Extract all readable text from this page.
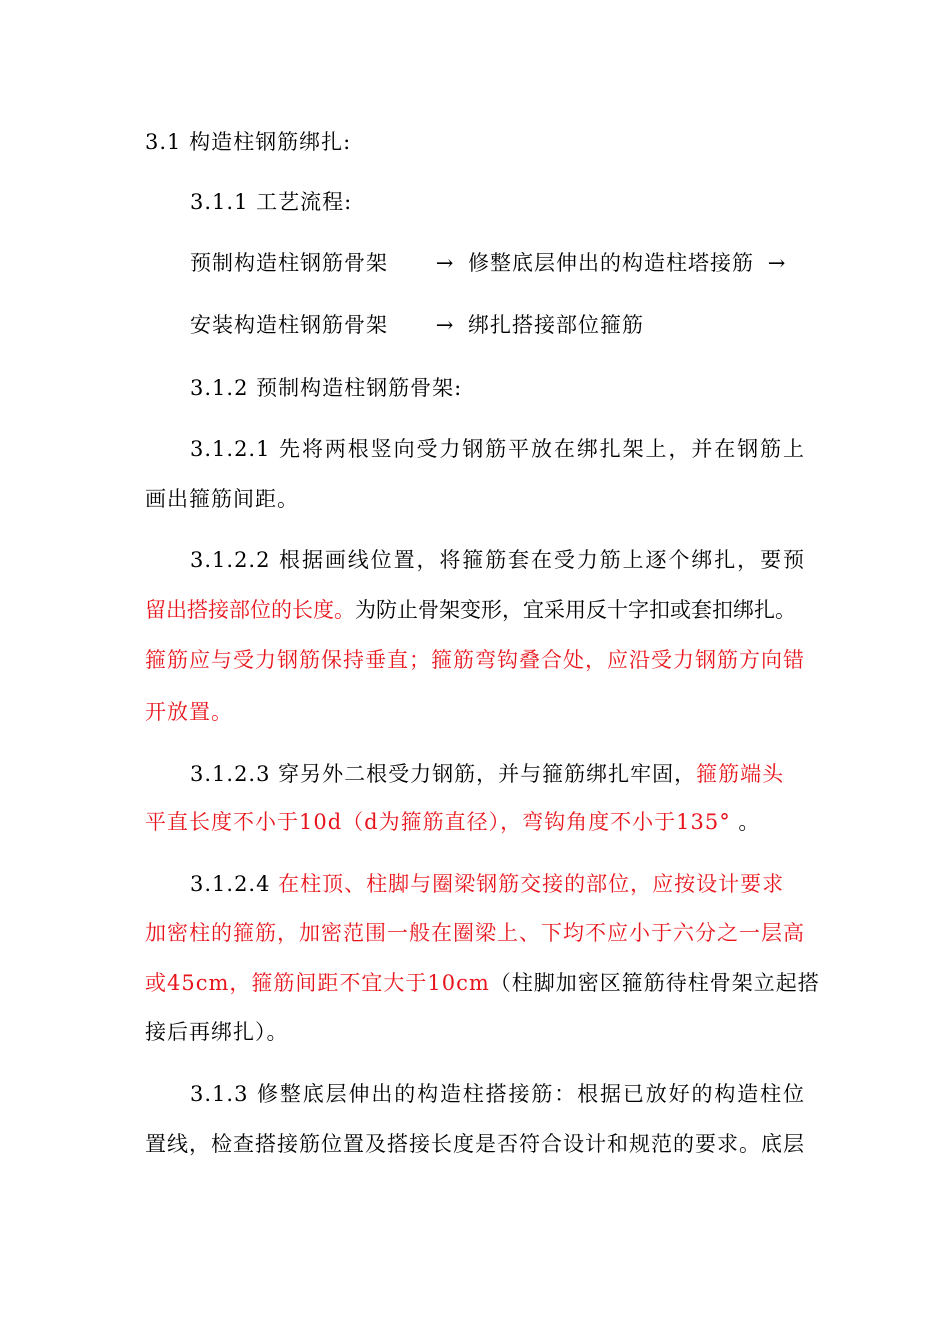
3.1 构造柱钢筋绑扎:
3.1.1 工艺流程:
预制构造柱钢筋骨架 → 修整底层伸出的构造柱塔接筋 →
安装构造柱钢筋骨架 → 绑扎搭接部位箍筋
3.1.2 预制构造柱钢筋骨架:
3.1.2.1 先将两根竖向受力钢筋平放在绑扎架上，并在钢筋上
画出箍筋间距。
3.1.2.2 根据画线位置，将箍筋套在受力筋上逐个绑扎，要预
留出搭接部位的长度。为防止骨架变形，宜采用反十字扣或套扣绑扎。
箍筋应与受力钢筋保持垂直；箍筋弯钩叠合处，应沿受力钢筋方向错
开放置。
3.1.2.3 穿另外二根受力钢筋，并与箍筋绑扎牢固，箍筋端头
平直长度不小于10d（d为箍筋直径），弯钩角度不小于135° 。
3.1.2.4 在柱顶、柱脚与圈梁钢筋交接的部位，应按设计要求
加密柱的箍筋，加密范围一般在圈梁上、下均不应小于六分之一层高
或45cm，箍筋间距不宜大于10cm（柱脚加密区箍筋待柱骨架立起搭
接后再绑扎）。
3.1.3 修整底层伸出的构造柱搭接筋：根据已放好的构造柱位
置线，检查搭接筋位置及搭接长度是否符合设计和规范的要求。底层
